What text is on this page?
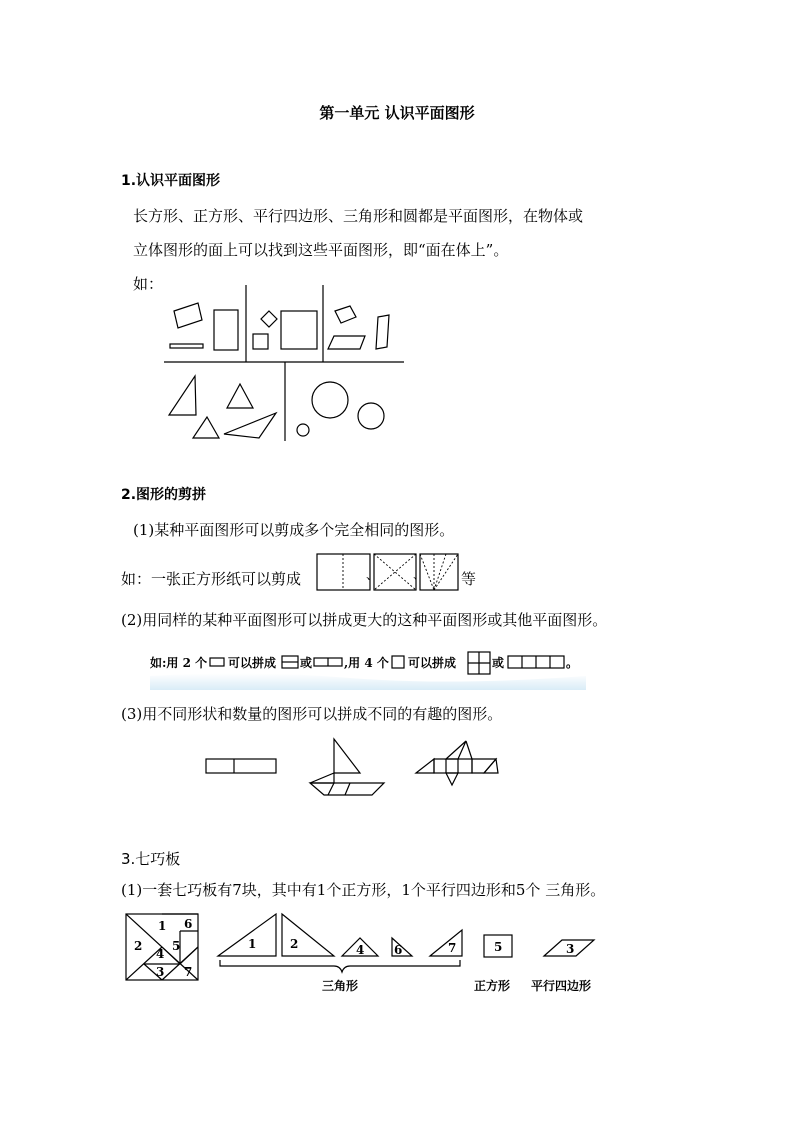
第一单元 认识平面图形
1.认识平面图形
长方形、正方形、平行四边形、三角形和圆都是平面图形，在物体或
立体图形的面上可以找到这些平面图形，即“面在体上”。
如：
2.图形的剪拼
(1)某种平面图形可以剪成多个完全相同的图形。
如：一张正方形纸可以剪成	、	、 等
(2)用同样的某种平面图形可以拼成更大的这种平面图形或其他平面图形。
如:用 2 个 可以拼成 或	,用 4 个 可以拼成	或	。
(3)用不同形状和数量的图形可以拼成不同的有趣的图形。
3.七巧板
(1)一套七巧板有7块，其中有1个正方形，1个平行四边形和5个 三角形。
1
2
4
5
6
3 7
1	2	4 6	7	5	3
三角形	正方形 平行四边形
